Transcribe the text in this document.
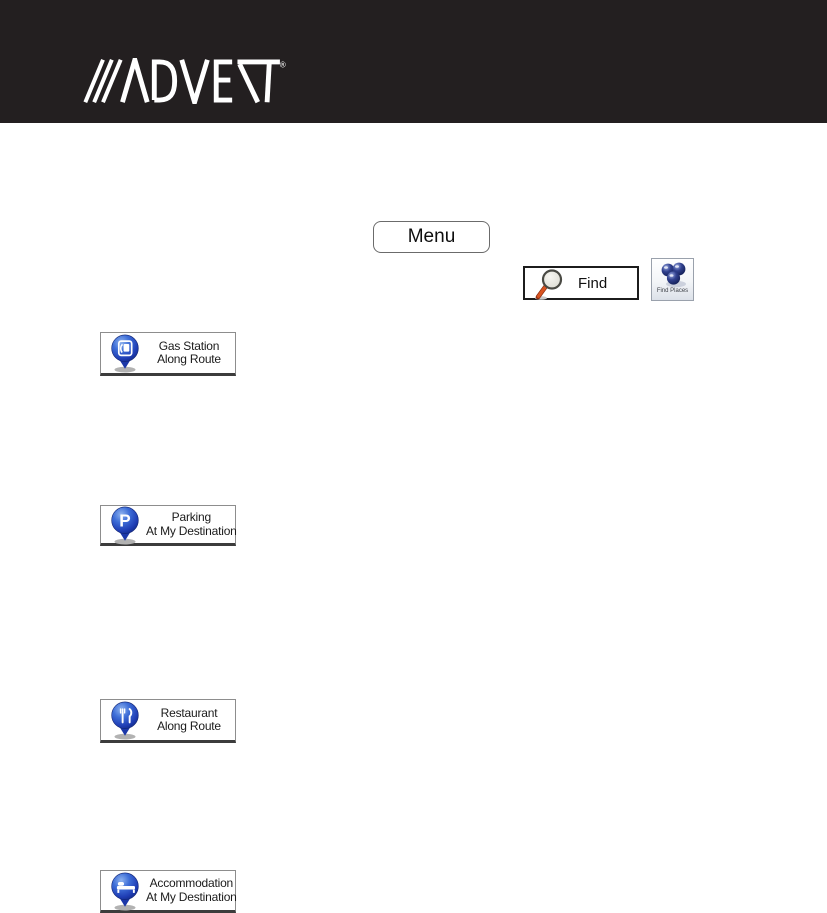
®
Menu
Find	Find Places
Gas Station
Along Route
P	Parking
At My Destination
Restaurant
Along Route
Accommodation
At My Destination
